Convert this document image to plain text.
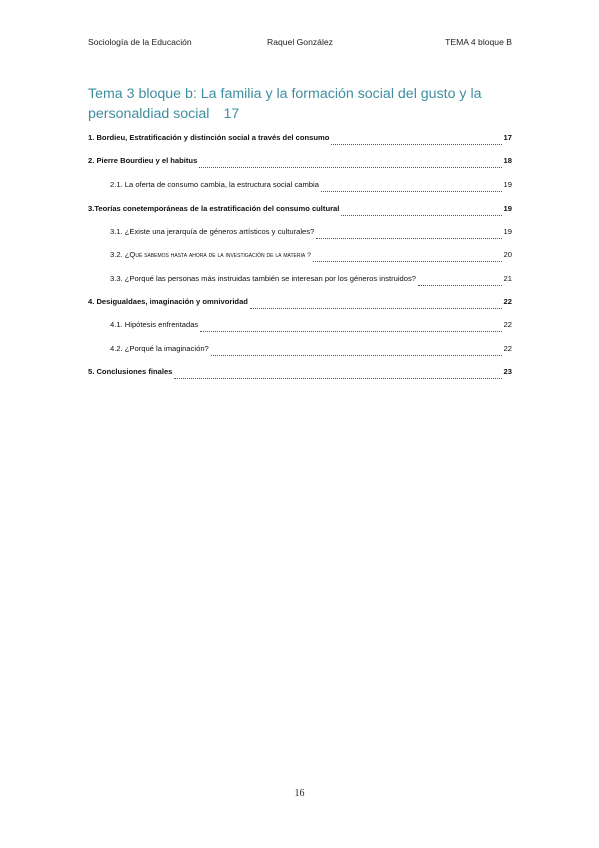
Sociología de la Educación	Raquel González	TEMA 4 bloque B
Tema 3 bloque b: La familia y la formación social del gusto y la personaldiad social 17
1. Bordieu, Estratificación y distinción social a través del consumo	17
2. Pierre Bourdieu y el habitus	18
2.1. La oferta de consumo cambia, la estructura social cambia	19
3.Teorías conetemporáneas de la estratificación del consumo cultural	19
3.1. ¿Existe una jerarquía de géneros artísticos y culturales?	19
3.2. ¿Qué sabemos hasta ahora de la investigación de la materia ?	20
3.3. ¿Porqué las personas más instruidas también se interesan por los géneros instruidos?	21
4. Desigualdaes, imaginación y omnivoridad	22
4.1. Hipótesis enfrentadas	22
4.2. ¿Porqué la imaginación?	22
5. Conclusiones finales	23
16
